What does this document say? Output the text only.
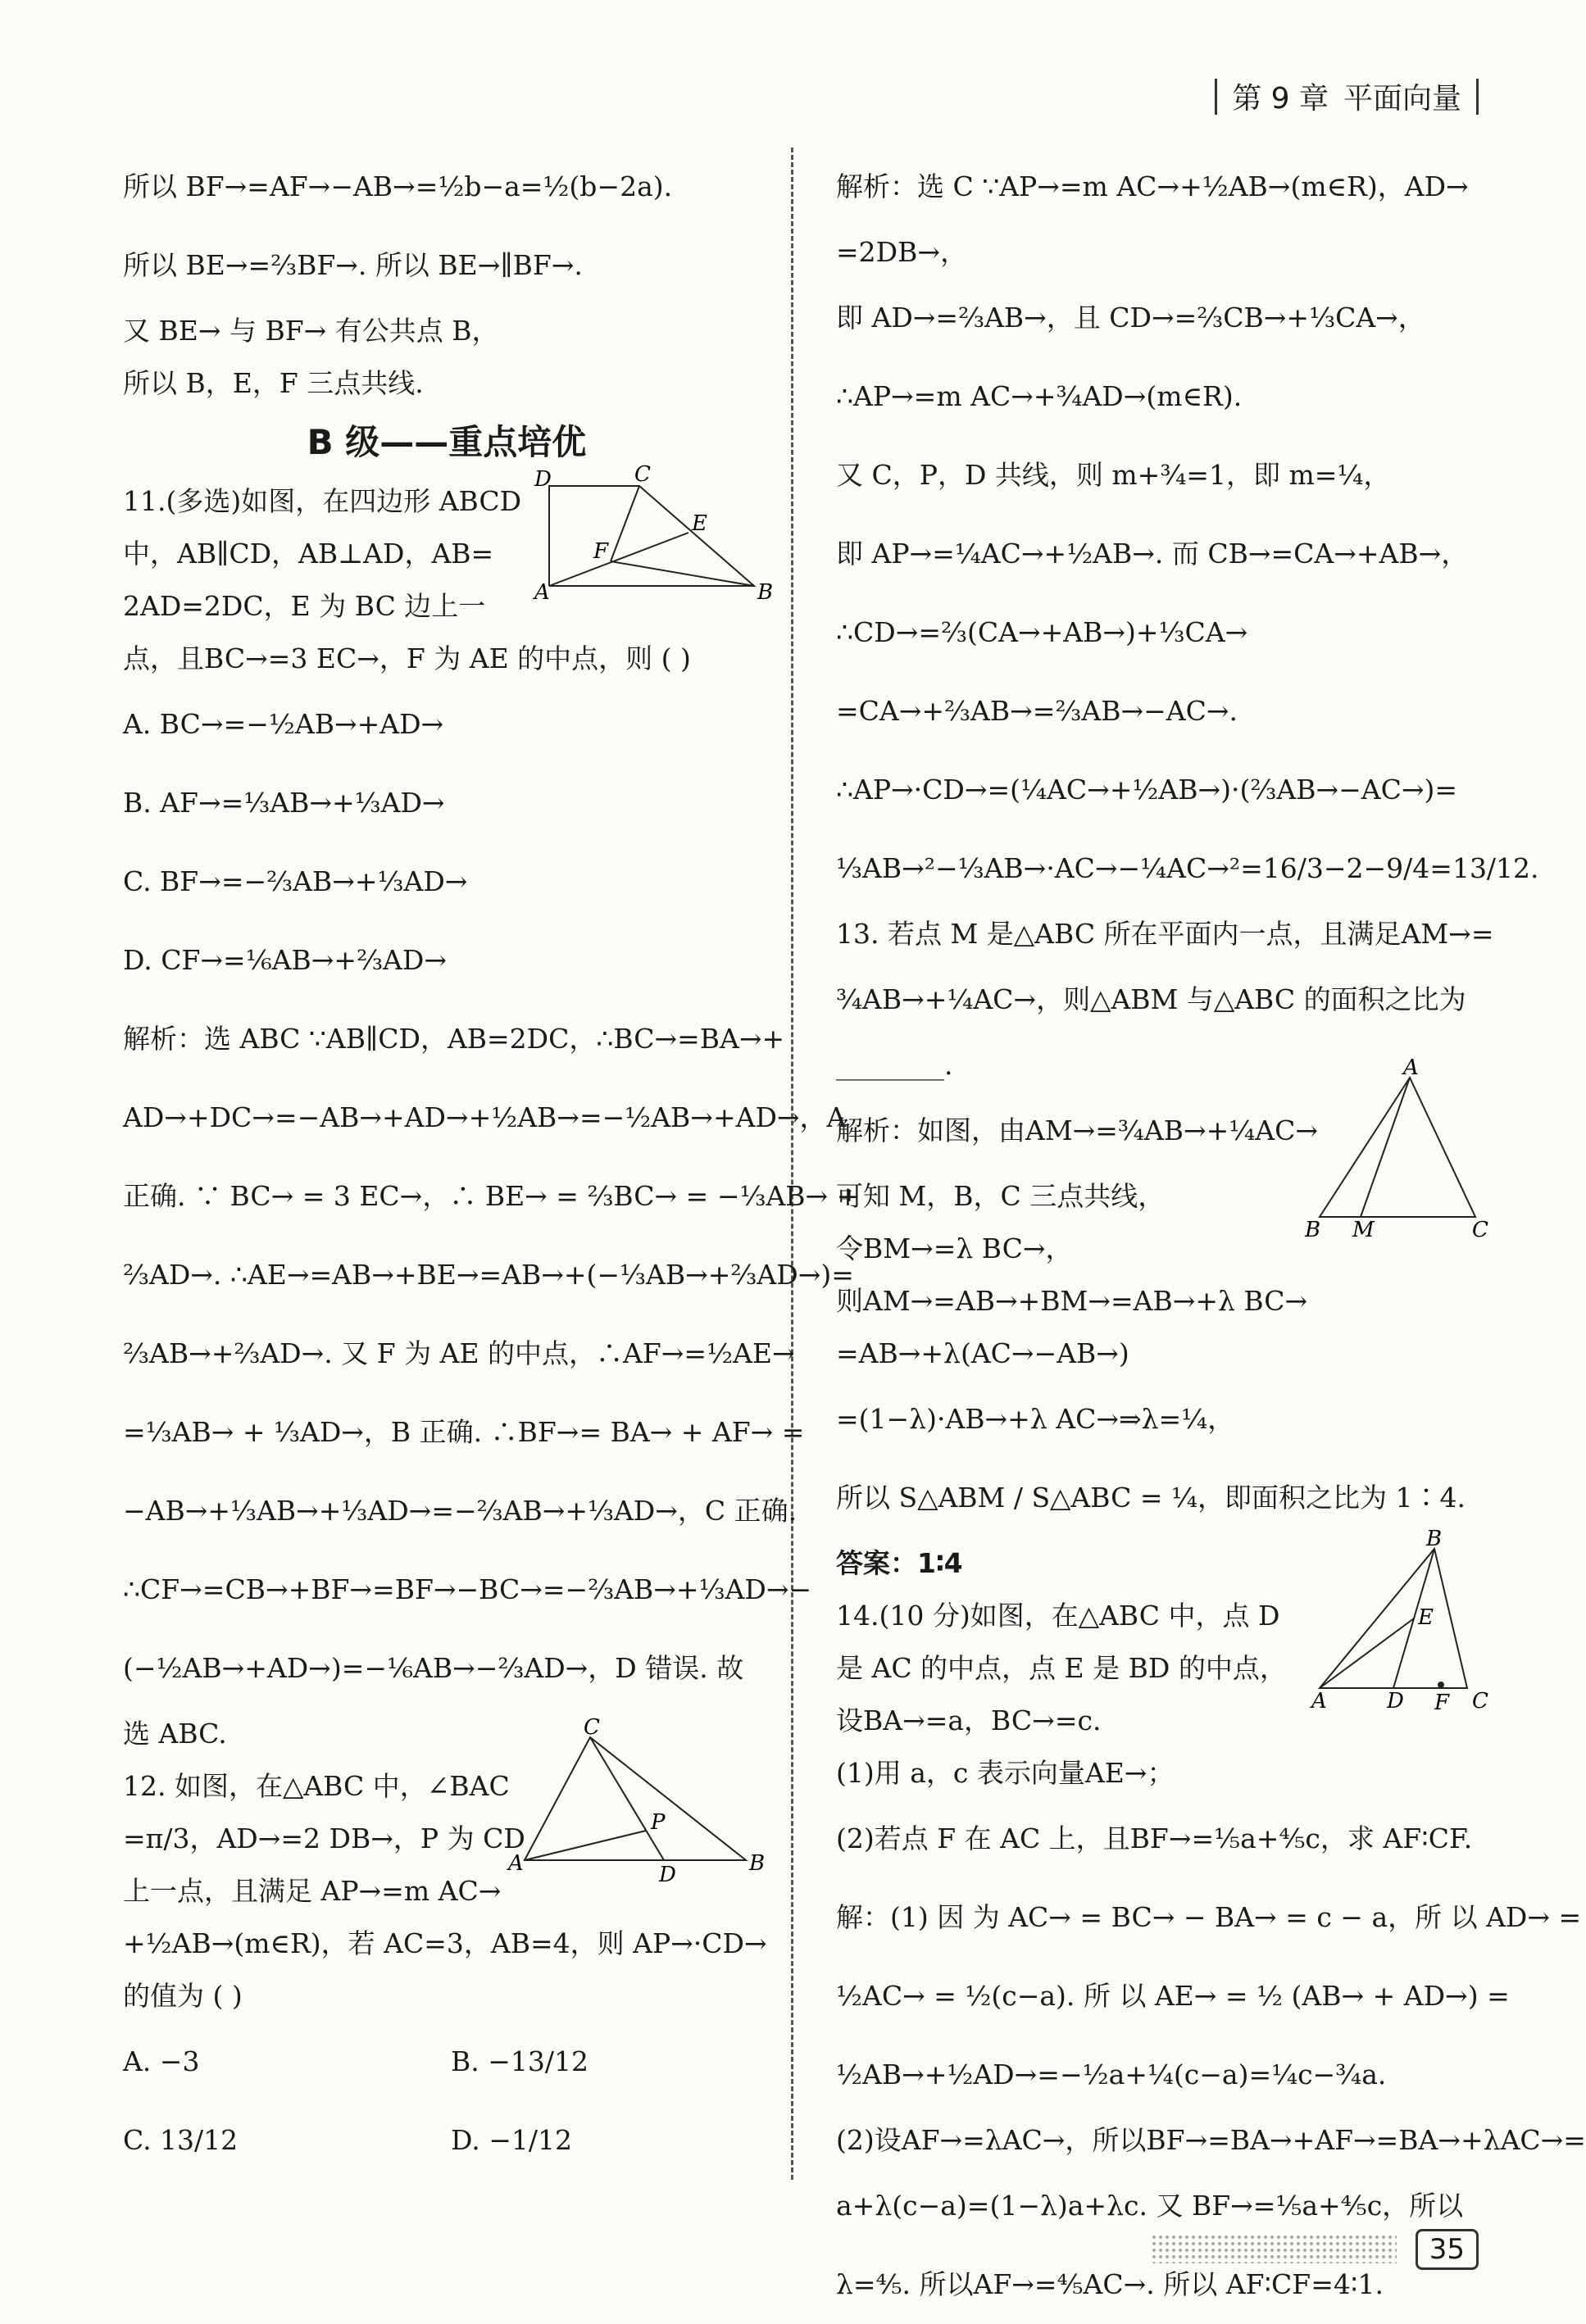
第 9 章 平面向量

所以 BF→=AF→−AB→=½b−a=½(b−2a).

所以 BE→=⅔BF→. 所以 BE→∥BF→.

又 BE→ 与 BF→ 有公共点 B，

所以 B，E，F 三点共线.

B 级——重点培优

11.(多选)如图，在四边形 ABCD

中，AB∥CD，AB⊥AD，AB=

2AD=2DC，E 为 BC 边上一

点，且BC→=3 EC→，F 为 AE 的中点，则 ( )

A. BC→=−½AB→+AD→

B. AF→=⅓AB→+⅓AD→

C. BF→=−⅔AB→+⅓AD→

D. CF→=⅙AB→+⅔AD→

解析：选 ABC ∵AB∥CD，AB=2DC，∴BC→=BA→+

AD→+DC→=−AB→+AD→+½AB→=−½AB→+AD→，A

正确. ∵ BC→ = 3 EC→，∴ BE→ = ⅔BC→ = −⅓AB→ +

⅔AD→. ∴AE→=AB→+BE→=AB→+(−⅓AB→+⅔AD→)=

⅔AB→+⅔AD→. 又 F 为 AE 的中点，∴AF→=½AE→

=⅓AB→ + ⅓AD→，B 正确. ∴BF→= BA→ + AF→ =

−AB→+⅓AB→+⅓AD→=−⅔AB→+⅓AD→，C 正确.

∴CF→=CB→+BF→=BF→−BC→=−⅔AB→+⅓AD→−

(−½AB→+AD→)=−⅙AB→−⅔AD→，D 错误. 故

选 ABC.

12. 如图，在△ABC 中，∠BAC

=π/3，AD→=2 DB→，P 为 CD

上一点，且满足 AP→=m AC→

+½AB→(m∈R)，若 AC=3，AB=4，则 AP→·CD→

的值为 ( )

A. −3	B. −13/12

C. 13/12	D. −1/12

D	C
E
F
A	B
C
P
A	D	B

解析：选 C ∵AP→=m AC→+½AB→(m∈R)，AD→

=2DB→，

即 AD→=⅔AB→，且 CD→=⅔CB→+⅓CA→，

∴AP→=m AC→+¾AD→(m∈R).

又 C，P，D 共线，则 m+¾=1，即 m=¼，

即 AP→=¼AC→+½AB→. 而 CB→=CA→+AB→，

∴CD→=⅔(CA→+AB→)+⅓CA→

=CA→+⅔AB→=⅔AB→−AC→.

∴AP→·CD→=(¼AC→+½AB→)·(⅔AB→−AC→)=

⅓AB→²−⅓AB→·AC→−¼AC→²=16/3−2−9/4=13/12.

13. 若点 M 是△ABC 所在平面内一点，且满足AM→=

¾AB→+¼AC→，则△ABM 与△ABC 的面积之比为

________.

解析：如图，由AM→=¾AB→+¼AC→

可知 M，B，C 三点共线，

令BM→=λ BC→，

则AM→=AB→+BM→=AB→+λ BC→

=AB→+λ(AC→−AB→)

=(1−λ)·AB→+λ AC→⇒λ=¼，

所以 S△ABM / S△ABC = ¼，即面积之比为 1∶4.

答案：1∶4

14.(10 分)如图，在△ABC 中，点 D

是 AC 的中点，点 E 是 BD 的中点，

设BA→=a，BC→=c.

(1)用 a，c 表示向量AE→；

(2)若点 F 在 AC 上，且BF→=⅕a+⅘c，求 AF∶CF.

解：(1) 因 为 AC→ = BC→ − BA→ = c − a，所 以 AD→ =

½AC→ = ½(c−a). 所 以 AE→ = ½ (AB→ + AD→) =

½AB→+½AD→=−½a+¼(c−a)=¼c−¾a.

(2)设AF→=λAC→，所以BF→=BA→+AF→=BA→+λAC→=

a+λ(c−a)=(1−λ)a+λc. 又 BF→=⅕a+⅘c，所以

λ=⅘. 所以AF→=⅘AC→. 所以 AF∶CF=4∶1.

A
B M	C
B
E
A	D F C
35
